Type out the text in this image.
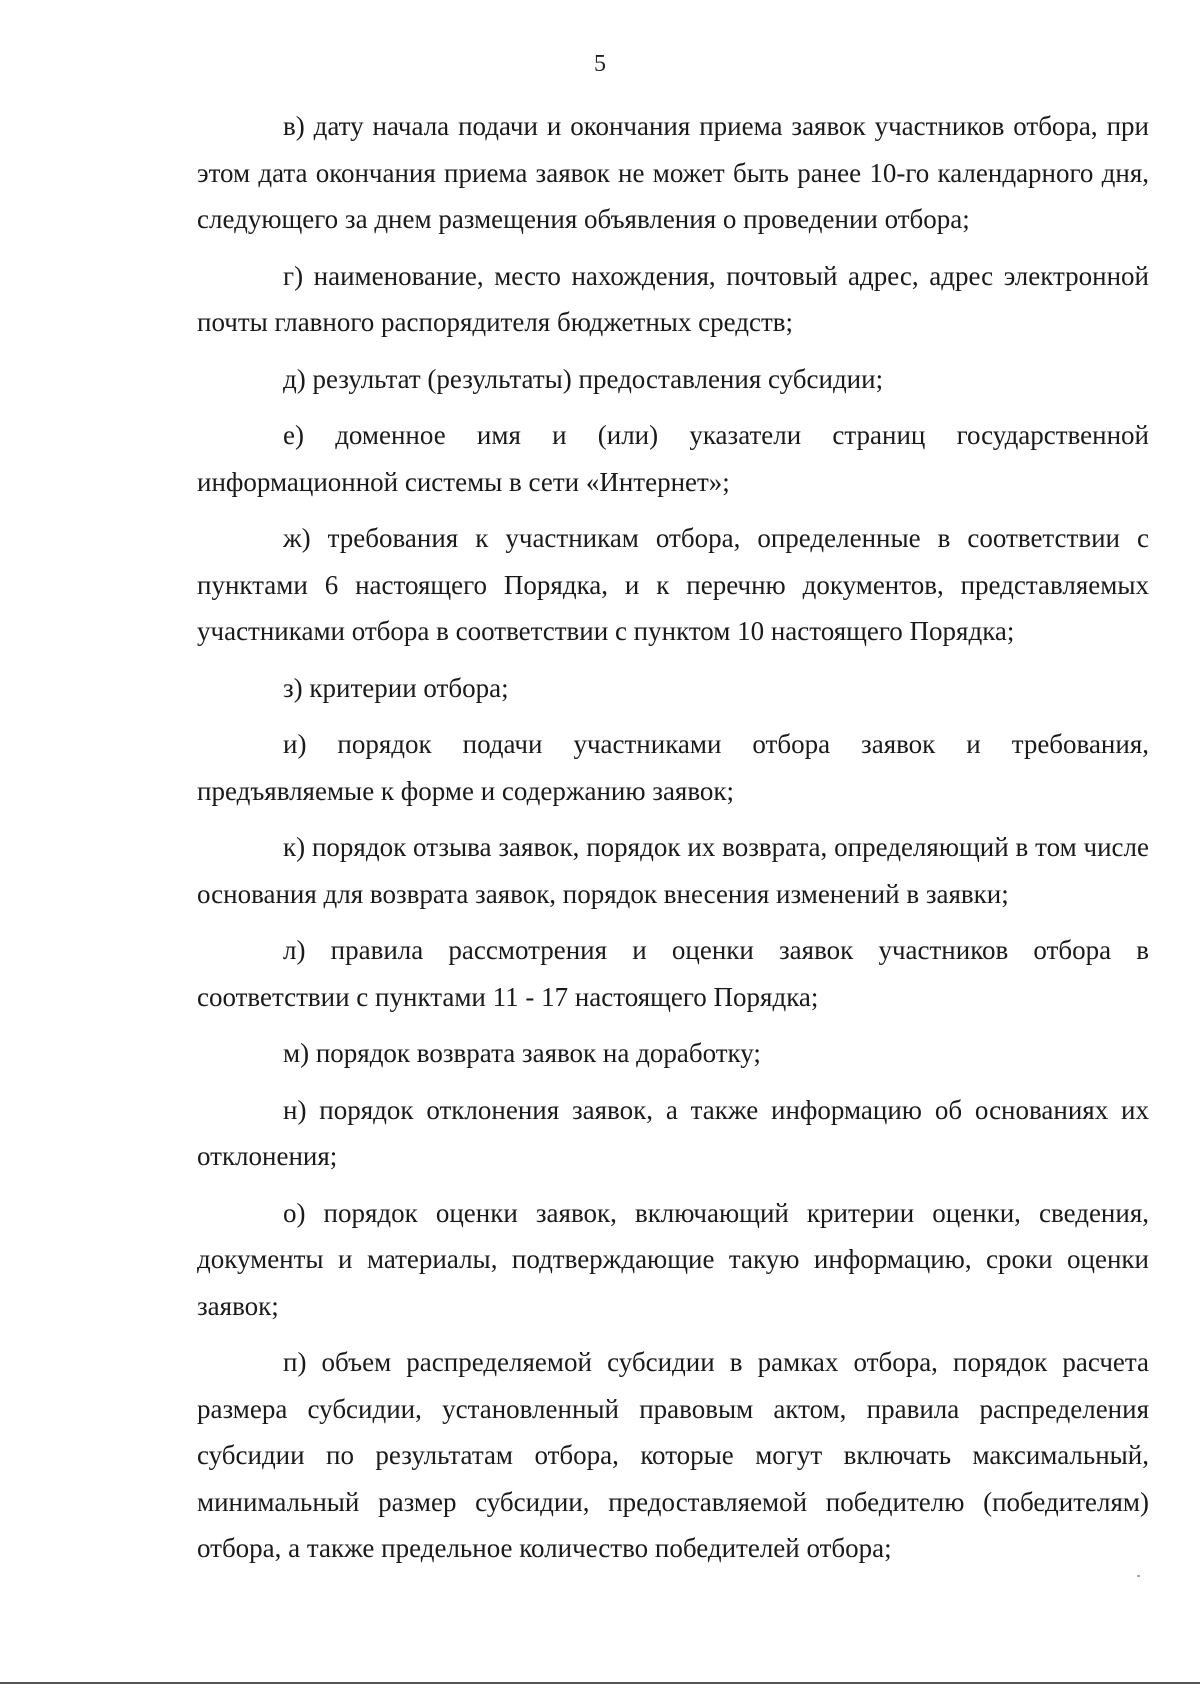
5

в) дату начала подачи и окончания приема заявок участников отбора, при этом дата окончания приема заявок не может быть ранее 10-го календарного дня, следующего за днем размещения объявления о проведении отбора;

г) наименование, место нахождения, почтовый адрес, адрес электронной почты главного распорядителя бюджетных средств;

д) результат (результаты) предоставления субсидии;

е) доменное имя и (или) указатели страниц государственной информационной системы в сети «Интернет»;

ж) требования к участникам отбора, определенные в соответствии с пунктами 6 настоящего Порядка, и к перечню документов, представляемых участниками отбора в соответствии с пунктом 10 настоящего Порядка;

з) критерии отбора;

и) порядок подачи участниками отбора заявок и требования, предъявляемые к форме и содержанию заявок;

к) порядок отзыва заявок, порядок их возврата, определяющий в том числе основания для возврата заявок, порядок внесения изменений в заявки;

л) правила рассмотрения и оценки заявок участников отбора в соответствии с пунктами 11 - 17 настоящего Порядка;

м) порядок возврата заявок на доработку;

н) порядок отклонения заявок, а также информацию об основаниях их отклонения;

о) порядок оценки заявок, включающий критерии оценки, сведения, документы и материалы, подтверждающие такую информацию, сроки оценки заявок;

п) объем распределяемой субсидии в рамках отбора, порядок расчета размера субсидии, установленный правовым актом, правила распределения субсидии по результатам отбора, которые могут включать максимальный, минимальный размер субсидии, предоставляемой победителю (победителям) отбора, а также предельное количество победителей отбора;
